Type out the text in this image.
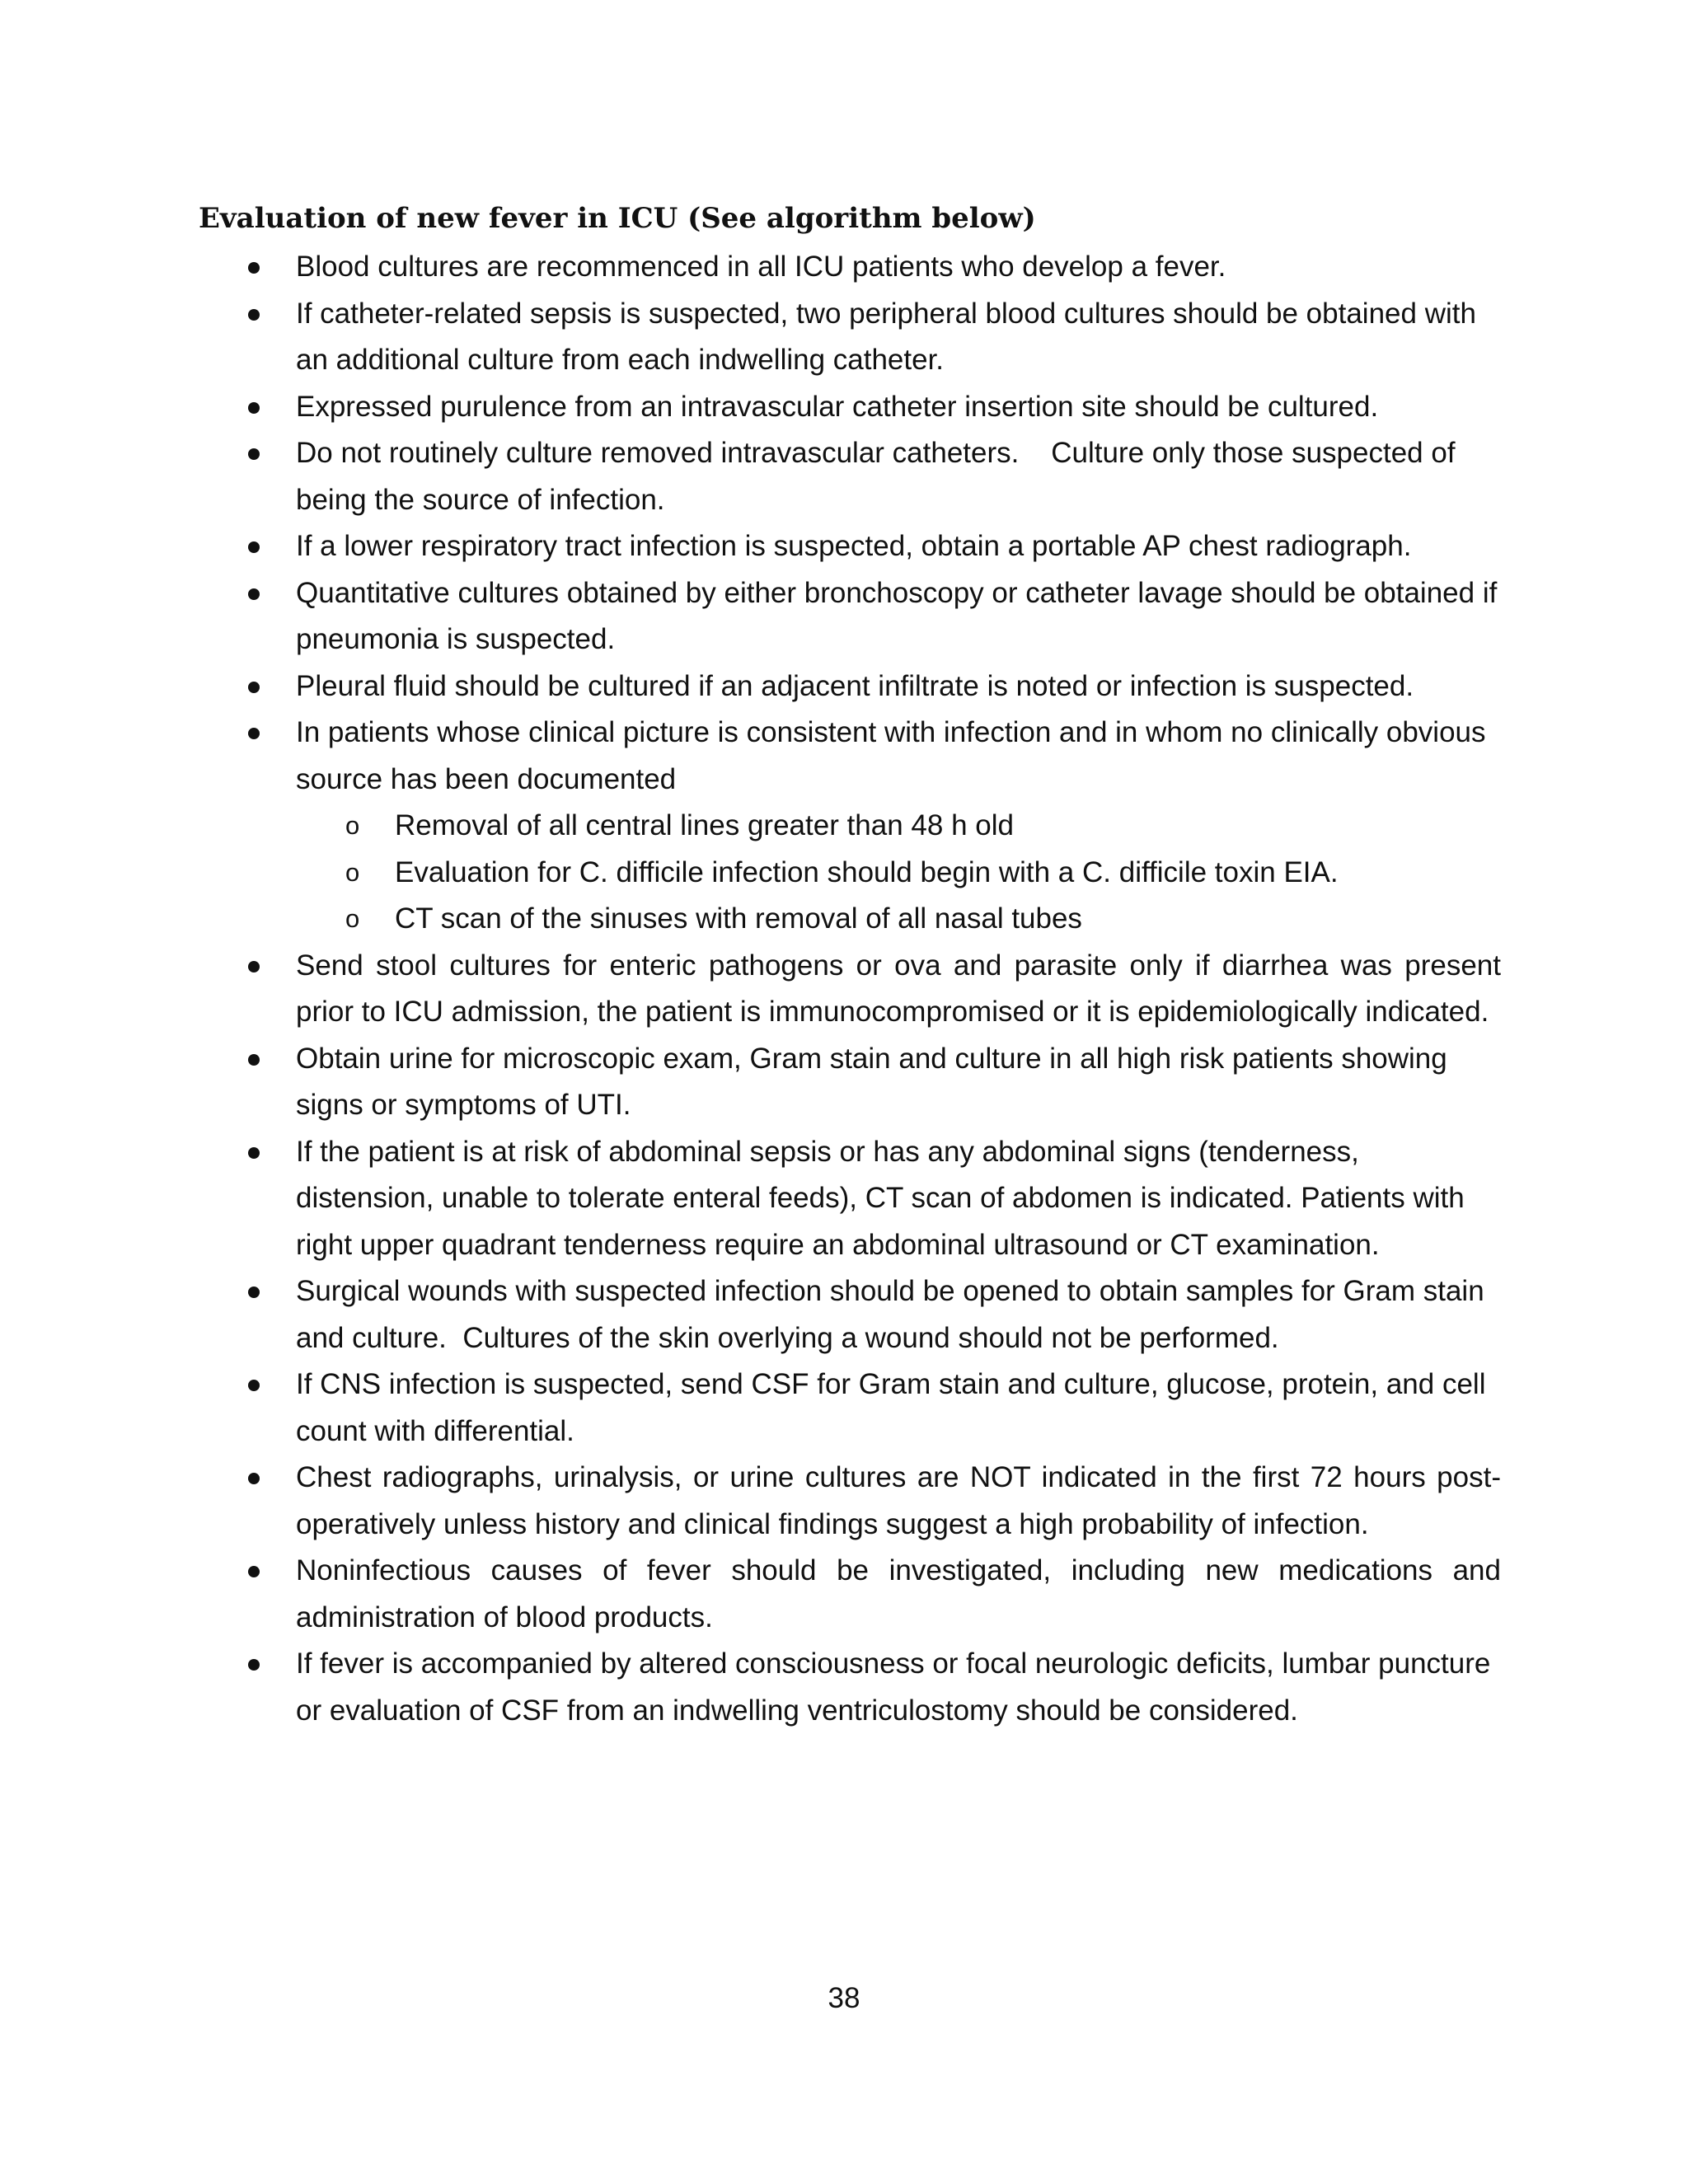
Evaluation of new fever in ICU (See algorithm below)
Blood cultures are recommenced in all ICU patients who develop a fever.
If catheter-related sepsis is suspected, two peripheral blood cultures should be obtained with an additional culture from each indwelling catheter.
Expressed purulence from an intravascular catheter insertion site should be cultured.
Do not routinely culture removed intravascular catheters.    Culture only those suspected of being the source of infection.
If a lower respiratory tract infection is suspected, obtain a portable AP chest radiograph.
Quantitative cultures obtained by either bronchoscopy or catheter lavage should be obtained if pneumonia is suspected.
Pleural fluid should be cultured if an adjacent infiltrate is noted or infection is suspected.
In patients whose clinical picture is consistent with infection and in whom no clinically obvious source has been documented
o Removal of all central lines greater than 48 h old
o Evaluation for C. difficile infection should begin with a C. difficile toxin EIA.
o CT scan of the sinuses with removal of all nasal tubes
Send stool cultures for enteric pathogens or ova and parasite only if diarrhea was present prior to ICU admission, the patient is immunocompromised or it is epidemiologically indicated.
Obtain urine for microscopic exam, Gram stain and culture in all high risk patients showing signs or symptoms of UTI.
If the patient is at risk of abdominal sepsis or has any abdominal signs (tenderness, distension, unable to tolerate enteral feeds), CT scan of abdomen is indicated. Patients with right upper quadrant tenderness require an abdominal ultrasound or CT examination.
Surgical wounds with suspected infection should be opened to obtain samples for Gram stain and culture.  Cultures of the skin overlying a wound should not be performed.
If CNS infection is suspected, send CSF for Gram stain and culture, glucose, protein, and cell count with differential.
Chest radiographs, urinalysis, or urine cultures are NOT indicated in the first 72 hours post-operatively unless history and clinical findings suggest a high probability of infection.
Noninfectious causes of fever should be investigated, including new medications and administration of blood products.
If fever is accompanied by altered consciousness or focal neurologic deficits, lumbar puncture or evaluation of CSF from an indwelling ventriculostomy should be considered.
38
